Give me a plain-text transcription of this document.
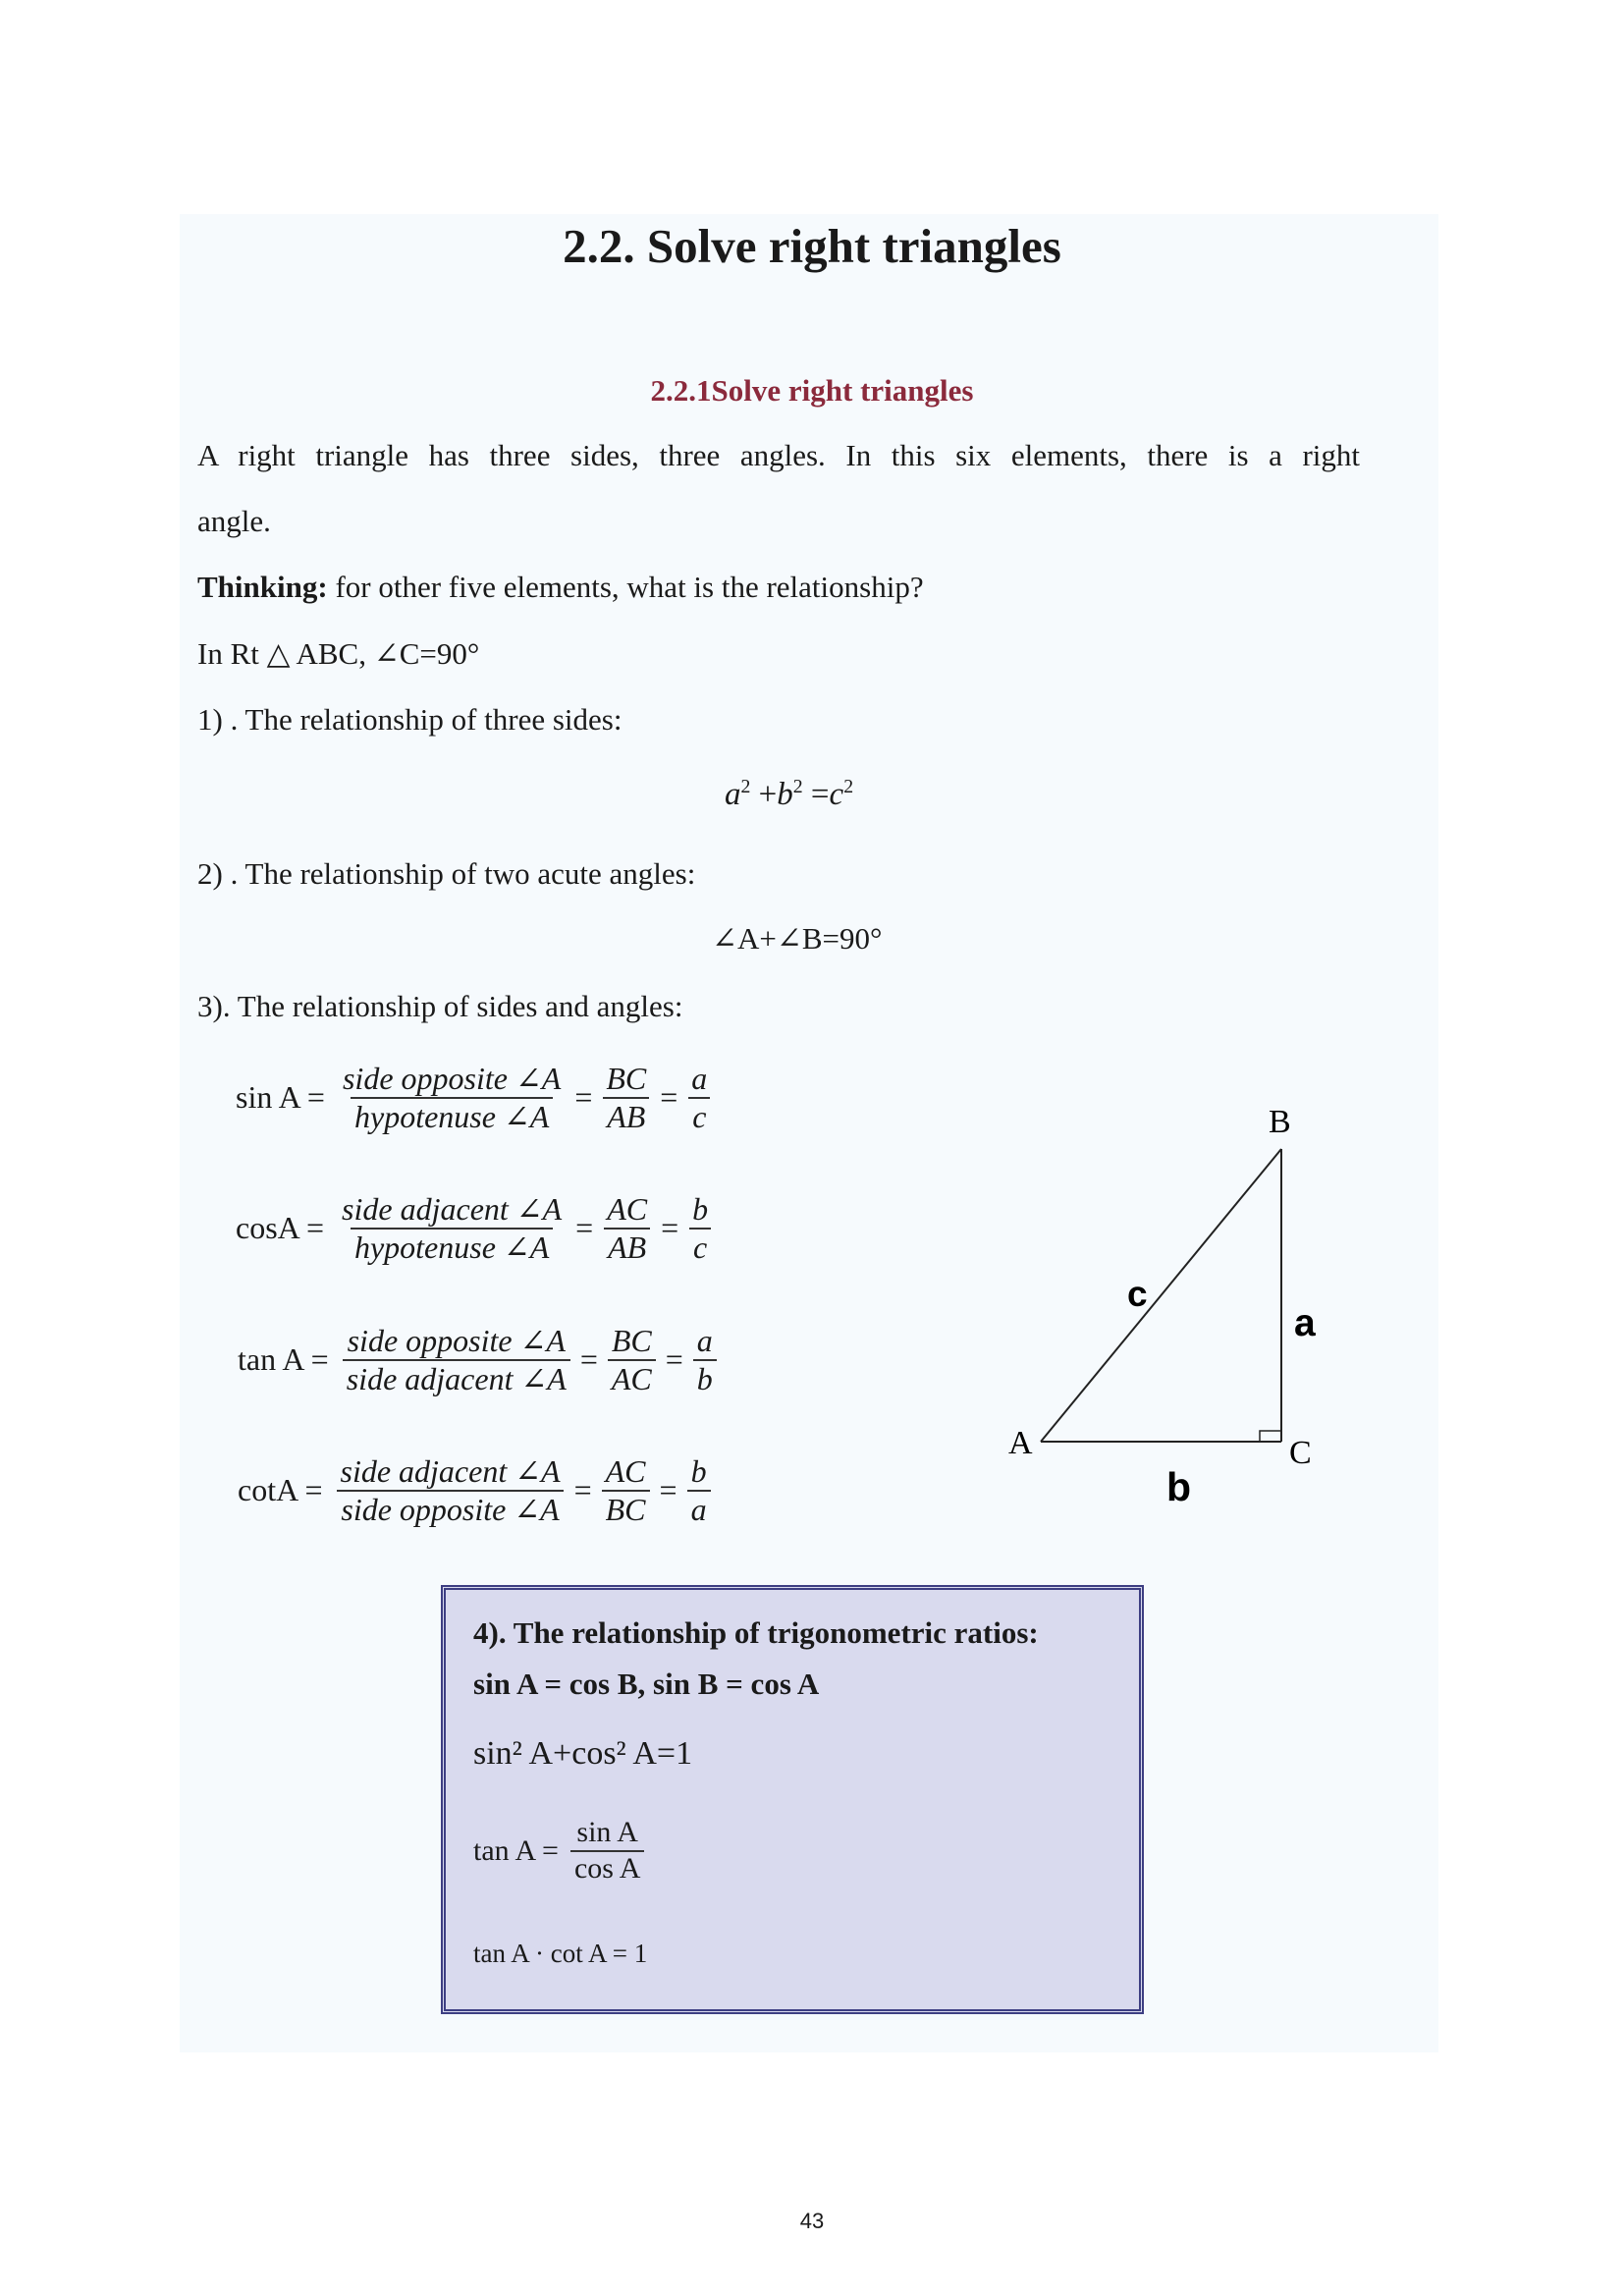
2.2. Solve right triangles
2.2.1Solve right triangles
A right triangle has three sides, three angles. In this six elements, there is a right
angle.
Thinking: for other five elements, what is the relationship?
In Rt △ ABC, ∠C=90°
1) . The relationship of three sides:
$a^2 +b^2 =c^2$
2) . The relationship of two acute angles:
∠A+∠B=90°
3). The relationship of sides and angles:
$\sin A = \frac{\text{side opposite ∠A}}{\text{hypotenuse ∠A}} = \frac{BC}{AB} = \frac{a}{c}$
$\cos A = \frac{\text{side adjacent ∠A}}{\text{hypotenuse ∠A}} = \frac{AC}{AB} = \frac{b}{c}$
$\tan A = \frac{\text{side opposite ∠A}}{\text{side adjacent ∠A}} = \frac{BC}{AC} = \frac{a}{b}$
$\cot A = \frac{\text{side adjacent ∠A}}{\text{side opposite ∠A}} = \frac{AC}{BC} = \frac{b}{a}$
A
B
C
c
a
b
4). The relationship of trigonometric ratios:
sin A = cos B, sin B = cos A
sin² A+cos² A=1
$\tan A = \frac{\text{sin A}}{\text{cos A}}$
tan A · cot A = 1
43
